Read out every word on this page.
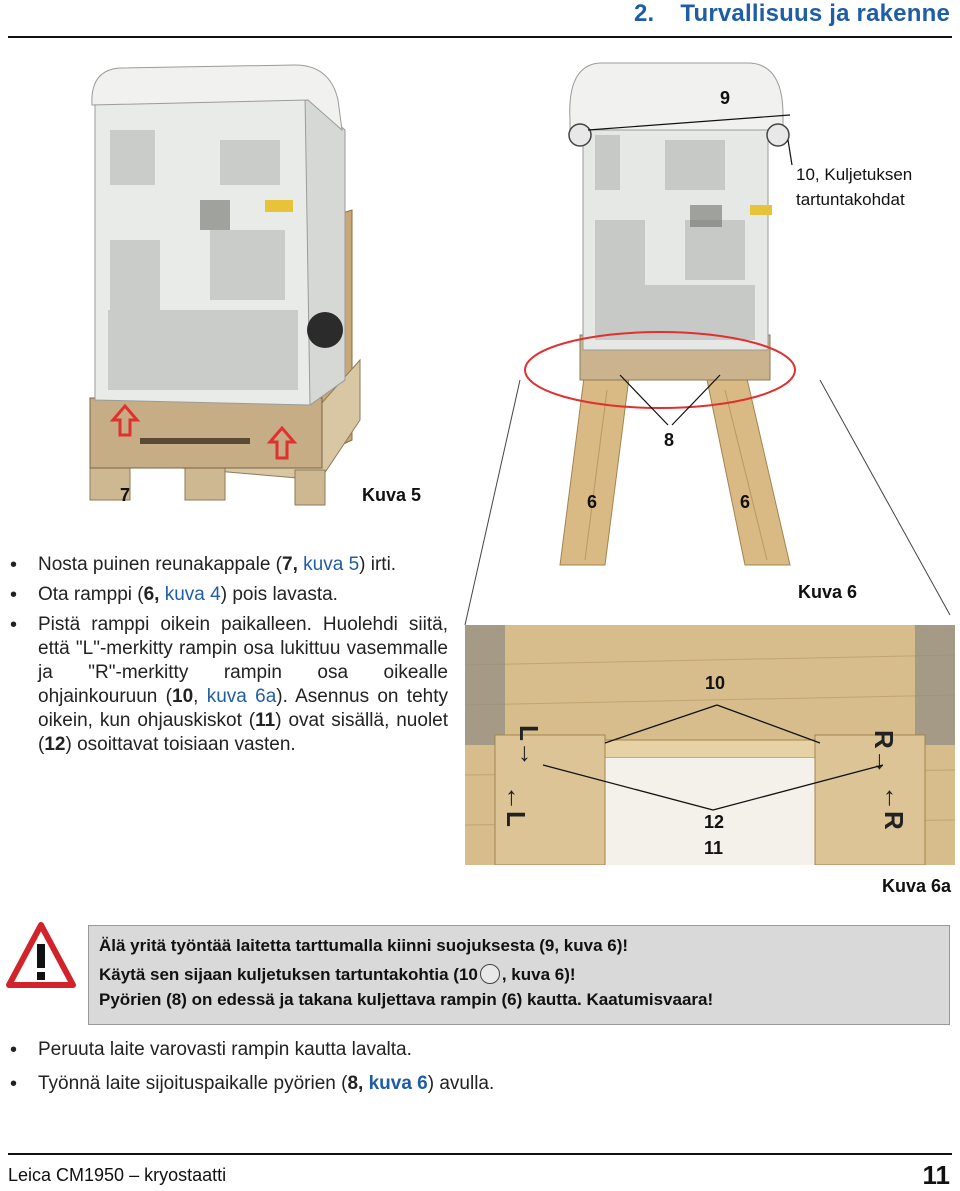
2. Turvallisuus ja rakenne
7	Kuva 5
9
10, Kuljetuksen
tartuntakohdat
8
6	6
Kuva 6
L→
←L
R→
←R
10
12
11
Kuva 6a
• Nosta puinen reunakappale (7, kuva 5) irti.
• Ota ramppi (6, kuva 4) pois lavasta.
• Pistä ramppi oikein paikalleen. Huolehdi siitä, että "L"-merkitty rampin osa lukittuu vasemmalle ja "R"-merkitty rampin osa oikealle ohjainkouruun (10, kuva 6a). Asennus on tehty oikein, kun ohjauskiskot (11) ovat sisällä, nuolet (12) osoittavat toisiaan vasten.
Älä yritä työntää laitetta tarttumalla kiinni suojuksesta (9, kuva 6)!
Käytä sen sijaan kuljetuksen tartuntakohtia (10 , kuva 6)!
Pyörien (8) on edessä ja takana kuljettava rampin (6) kautta. Kaatumisvaara!
• Peruuta laite varovasti rampin kautta lavalta.
• Työnnä laite sijoituspaikalle pyörien (8, kuva 6) avulla.
Leica CM1950 – kryostaatti	11
